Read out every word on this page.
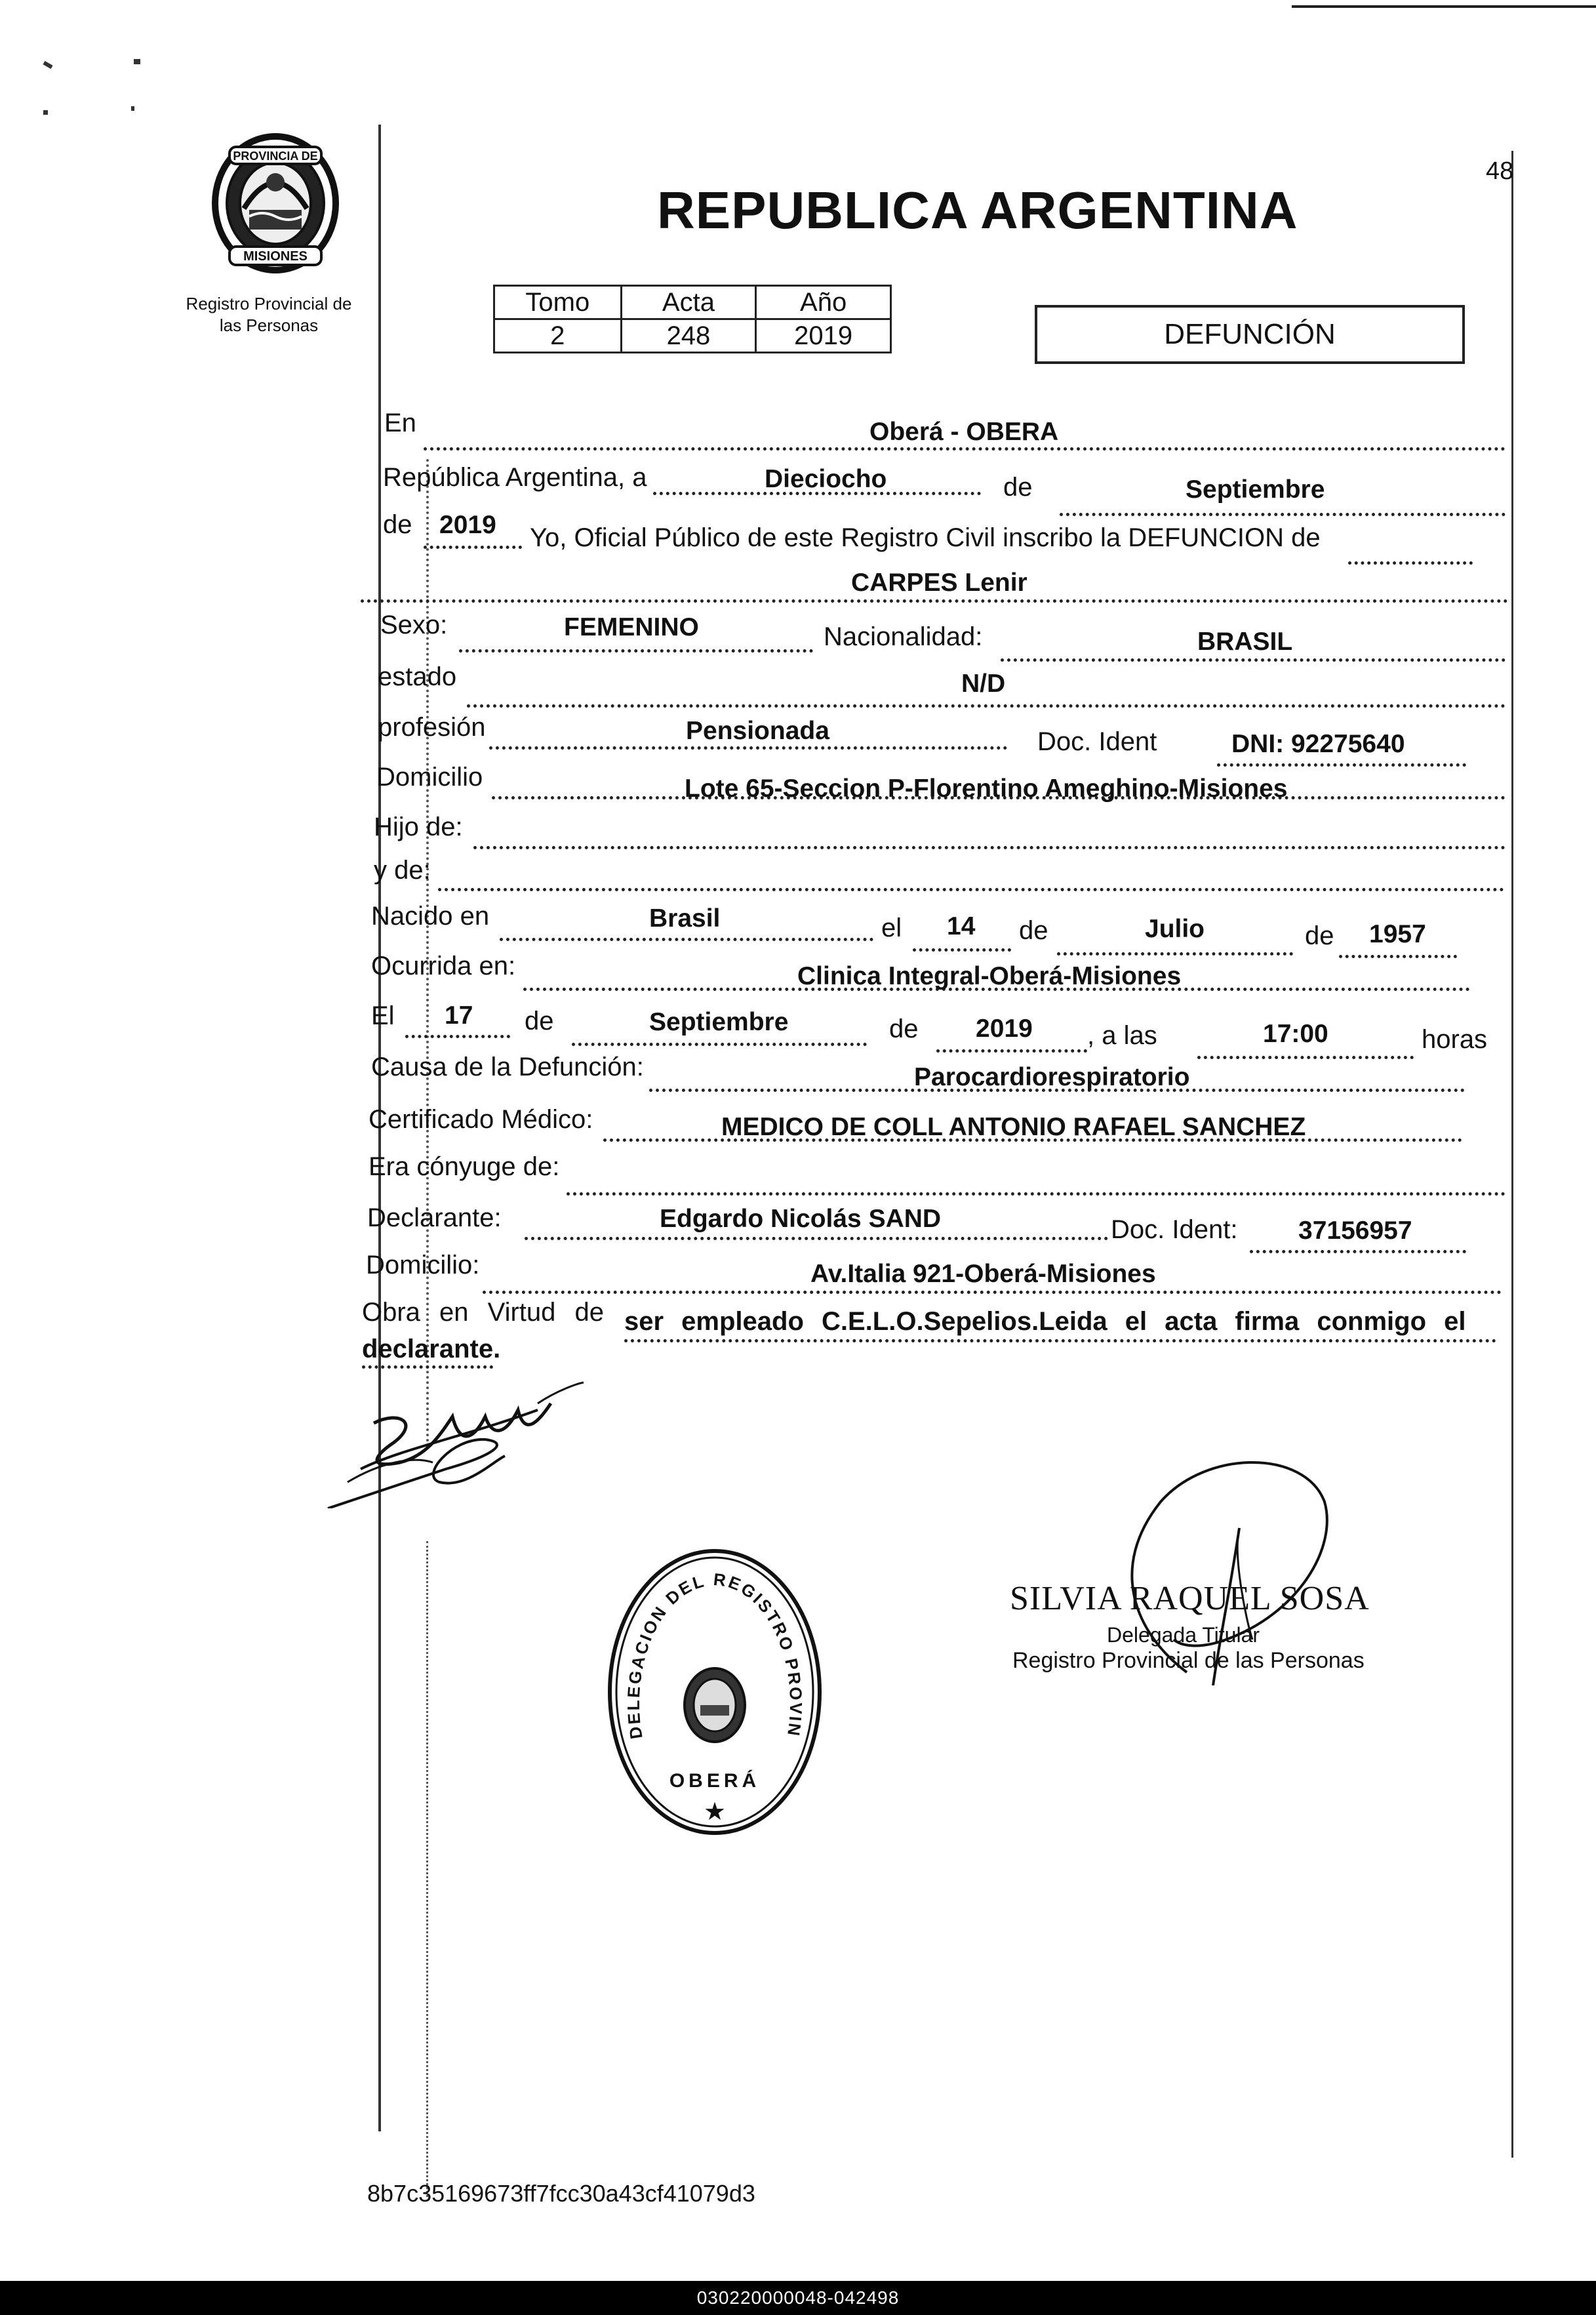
48
PROVINCIA DE
MISIONES
Registro Provincial de
las Personas
REPUBLICA ARGENTINA
Tomo	Acta	Año
2	248	2019	DEFUNCIÓN
En	Oberá - OBERA
República Argentina, a	Dieciocho	de	Septiembre
de 2019 Yo, Oficial Público de este Registro Civil inscribo la DEFUNCION de
CARPES Lenir
Sexo:	FEMENINO	Nacionalidad:	BRASIL
estado	N/D
profesión	Pensionada	Doc. Ident	DNI: 92275640
Domicilio	Lote 65-Seccion P-Florentino Ameghino-Misiones
Hijo de:
y de:
Nacido en	Brasil	el 14 de	Julio	de 1957
Ocurrida en:	Clinica Integral-Oberá-Misiones
El 17 de	Septiembre	de 2019 , a las	17:00	horas
Causa de la Defunción:	Parocardiorespiratorio
Certificado Médico:	MEDICO DE COLL ANTONIO RAFAEL SANCHEZ
Era cónyuge de:
Declarante:	Edgardo Nicolás SAND	Doc. Ident: 37156957
Domicilio:	Av.Italia 921-Oberá-Misiones
Obra en Virtud de ser empleado C.E.L.O.Sepelios.Leida el acta firma conmigo el
declarante.
DELEGACION DEL REGISTRO PROVIN
OBERÁ
★
SILVIA RAQUEL SOSA
Delegada Titular
Registro Provincial de las Personas
8b7c35169673ff7fcc30a43cf41079d3
030220000048-042498
